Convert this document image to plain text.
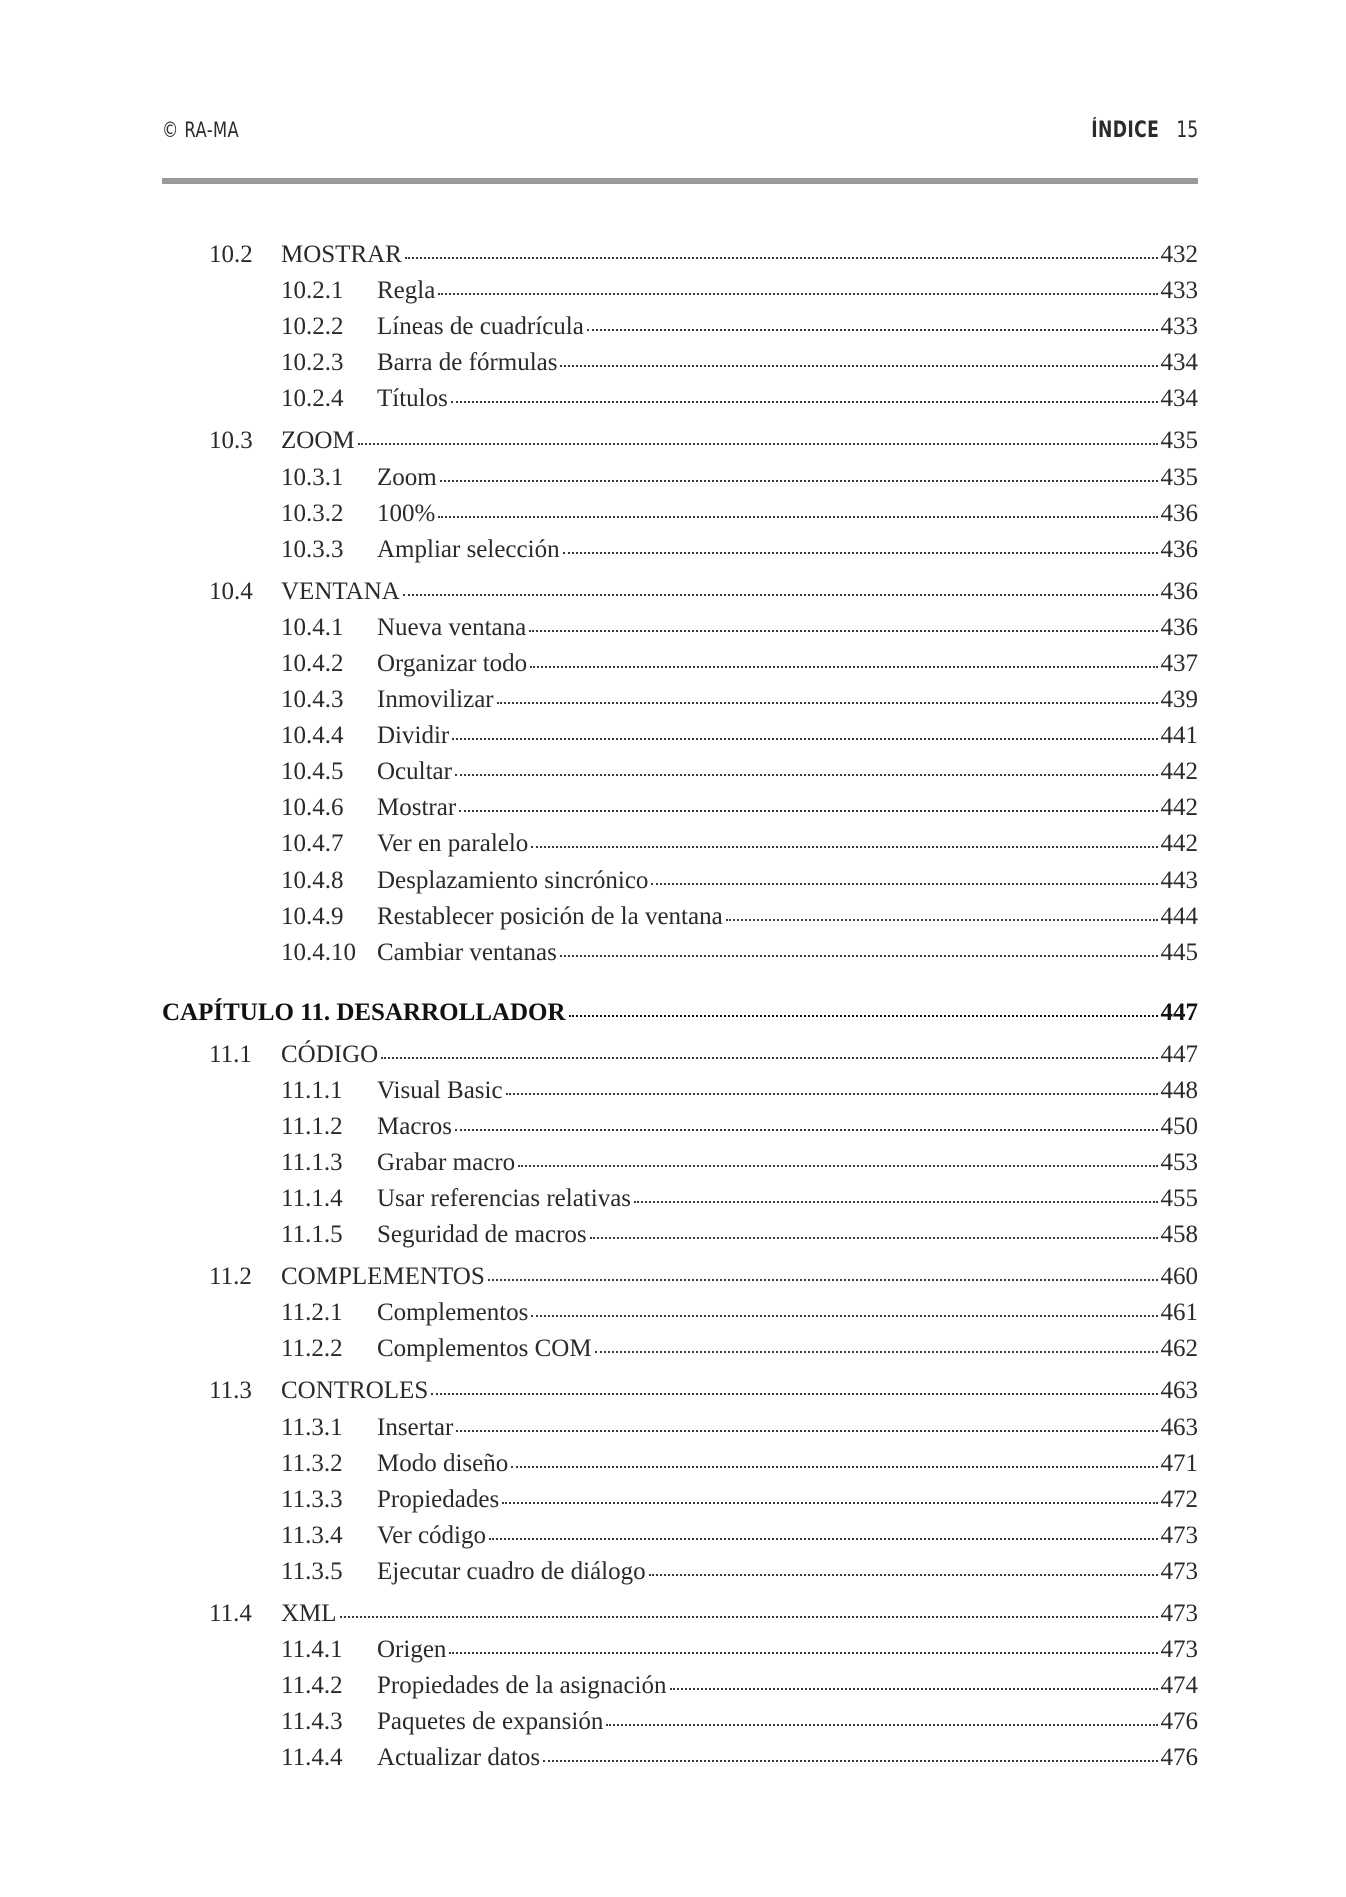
© RA-MA	ÍNDICE 15
10.2	MOSTRAR	432
10.2.1	Regla	433
10.2.2	Líneas de cuadrícula	433
10.2.3	Barra de fórmulas	434
10.2.4	Títulos	434
10.3	ZOOM	435
10.3.1	Zoom	435
10.3.2	100%	436
10.3.3	Ampliar selección	436
10.4	VENTANA	436
10.4.1	Nueva ventana	436
10.4.2	Organizar todo	437
10.4.3	Inmovilizar	439
10.4.4	Dividir	441
10.4.5	Ocultar	442
10.4.6	Mostrar	442
10.4.7	Ver en paralelo	442
10.4.8	Desplazamiento sincrónico	443
10.4.9	Restablecer posición de la ventana	444
10.4.10 Cambiar ventanas	445
CAPÍTULO 11. DESARROLLADOR	447
11.1	CÓDIGO	447
11.1.1	Visual Basic	448
11.1.2	Macros	450
11.1.3	Grabar macro	453
11.1.4	Usar referencias relativas	455
11.1.5	Seguridad de macros	458
11.2	COMPLEMENTOS	460
11.2.1	Complementos	461
11.2.2	Complementos COM	462
11.3	CONTROLES	463
11.3.1	Insertar	463
11.3.2	Modo diseño	471
11.3.3	Propiedades	472
11.3.4	Ver código	473
11.3.5	Ejecutar cuadro de diálogo	473
11.4	XML	473
11.4.1	Origen	473
11.4.2	Propiedades de la asignación	474
11.4.3	Paquetes de expansión	476
11.4.4	Actualizar datos	476
